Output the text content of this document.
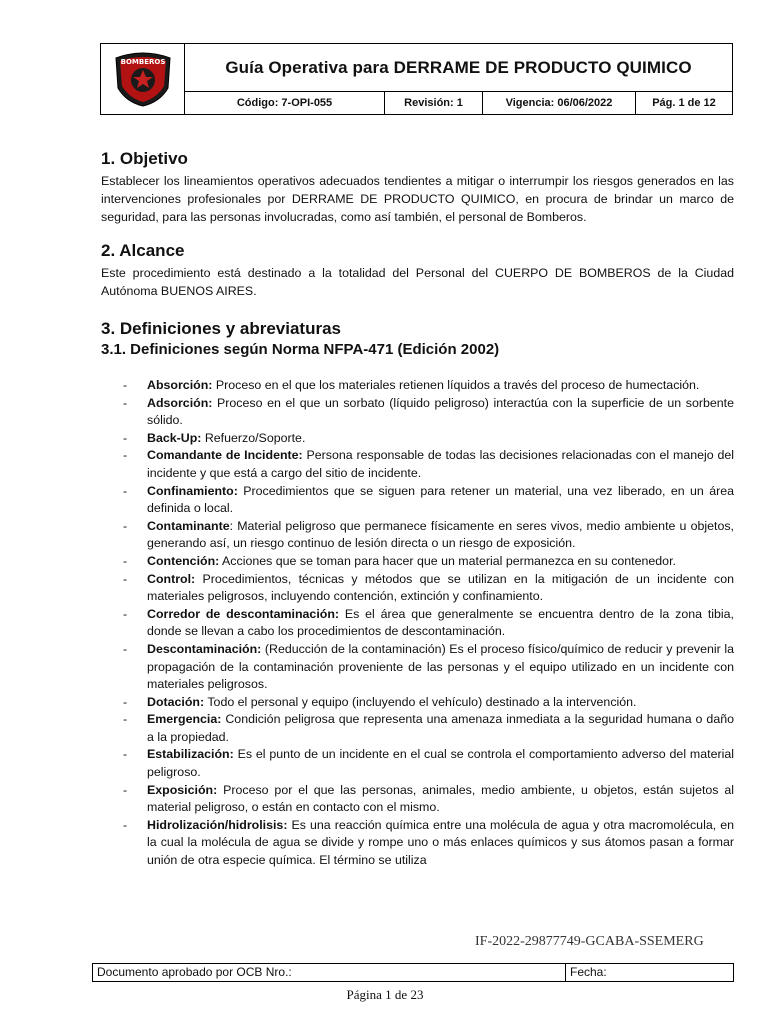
BOMBEROS	Guía Operativa para DERRAME DE PRODUCTO QUIMICO
Código: 7-OPI-055	Revisión: 1	Vigencia: 06/06/2022	Pág. 1 de 12
1. Objetivo

Establecer los lineamientos operativos adecuados tendientes a mitigar o interrumpir los riesgos generados en las intervenciones profesionales por DERRAME DE PRODUCTO QUIMICO, en procura de brindar un marco de seguridad, para las personas involucradas, como así también, el personal de Bomberos.

2. Alcance

Este procedimiento está destinado a la totalidad del Personal del CUERPO DE BOMBEROS de la Ciudad Autónoma BUENOS AIRES.

3. Definiciones y abreviaturas
3.1. Definiciones según Norma NFPA-471 (Edición 2002)
- Absorción: Proceso en el que los materiales retienen líquidos a través del proceso de humectación.
- Adsorción: Proceso en el que un sorbato (líquido peligroso) interactúa con la superficie de un sorbente sólido.
- Back-Up: Refuerzo/Soporte.
- Comandante de Incidente: Persona responsable de todas las decisiones relacionadas con el manejo del incidente y que está a cargo del sitio de incidente.
- Confinamiento: Procedimientos que se siguen para retener un material, una vez liberado, en un área definida o local.
- Contaminante: Material peligroso que permanece físicamente en seres vivos, medio ambiente u objetos, generando así, un riesgo continuo de lesión directa o un riesgo de exposición.
- Contención: Acciones que se toman para hacer que un material permanezca en su contenedor.
- Control: Procedimientos, técnicas y métodos que se utilizan en la mitigación de un incidente con materiales peligrosos, incluyendo contención, extinción y confinamiento.
- Corredor de descontaminación: Es el área que generalmente se encuentra dentro de la zona tibia, donde se llevan a cabo los procedimientos de descontaminación.
- Descontaminación: (Reducción de la contaminación) Es el proceso físico/químico de reducir y prevenir la propagación de la contaminación proveniente de las personas y el equipo utilizado en un incidente con materiales peligrosos.
- Dotación: Todo el personal y equipo (incluyendo el vehículo) destinado a la intervención.
- Emergencia: Condición peligrosa que representa una amenaza inmediata a la seguridad humana o daño a la propiedad.
- Estabilización: Es el punto de un incidente en el cual se controla el comportamiento adverso del material peligroso.
- Exposición: Proceso por el que las personas, animales, medio ambiente, u objetos, están sujetos al material peligroso, o están en contacto con el mismo.
- Hidrolización/hidrolisis: Es una reacción química entre una molécula de agua y otra macromolécula, en la cual la molécula de agua se divide y rompe uno o más enlaces químicos y sus átomos pasan a formar unión de otra especie química. El término se utiliza
IF-2022-29877749-GCABA-SSEMERG
Documento aprobado por OCB Nro.:	Fecha:
Página 1 de 23
